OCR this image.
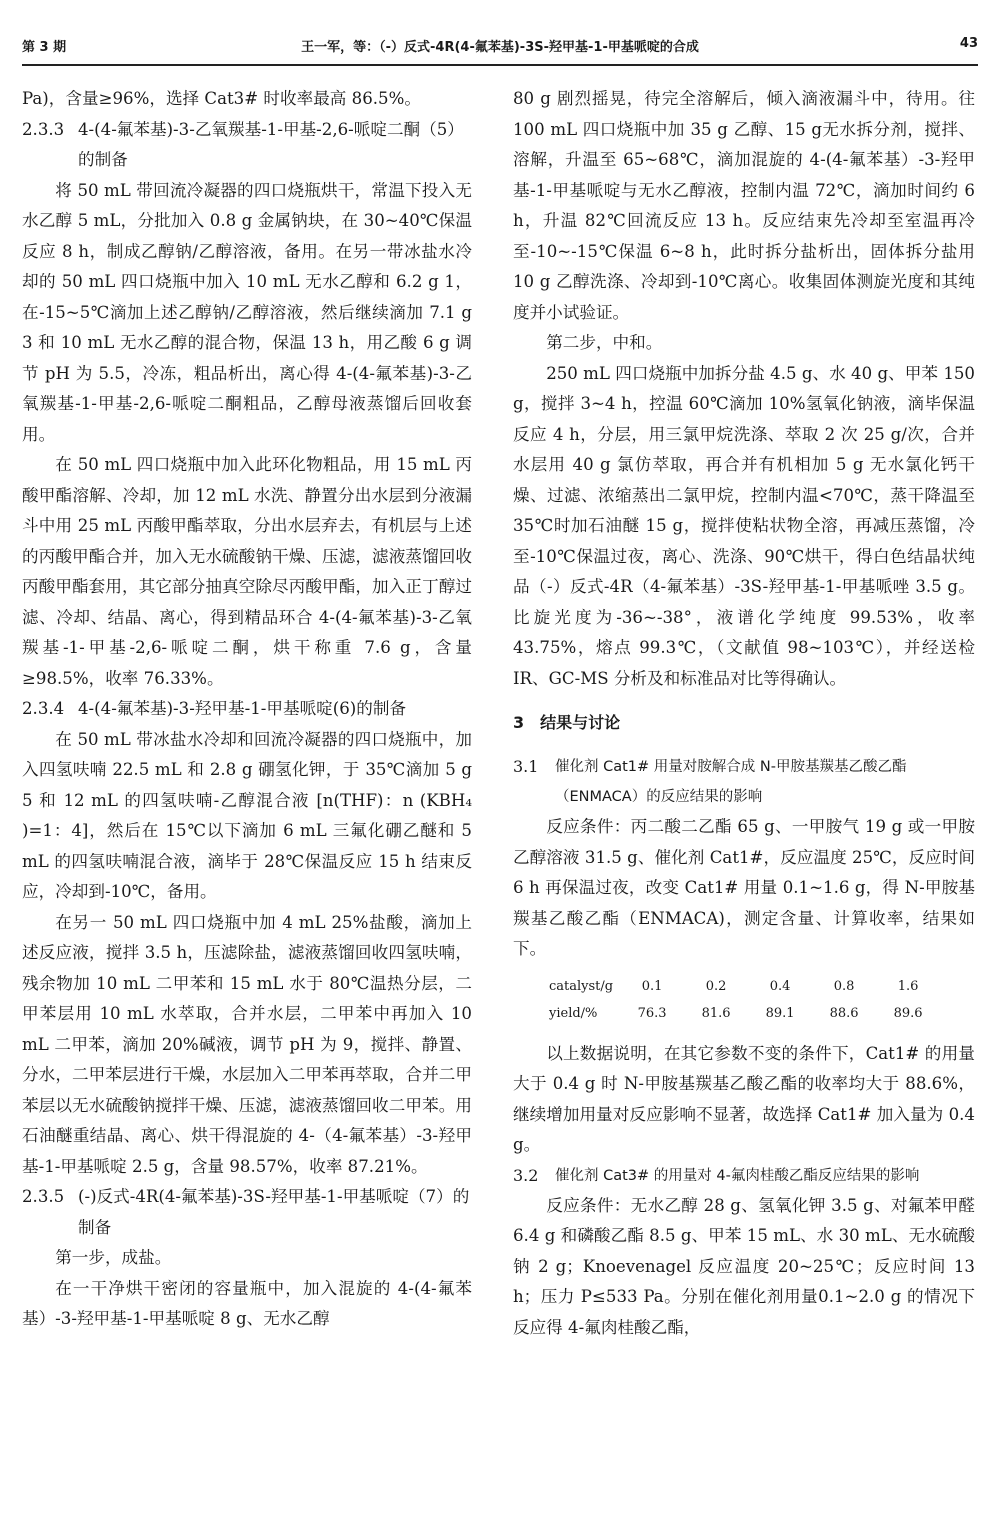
第 3 期	王一军，等：（-）反式-4R(4-氟苯基)-3S-羟甲基-1-甲基哌啶的合成	43

Pa)，含量≥96%，选择 Cat3# 时收率最高 86.5%。

2.3.3 4-(4-氟苯基)-3-乙氧羰基-1-甲基-2,6-哌啶二酮（5）的制备

将 50 mL 带回流冷凝器的四口烧瓶烘干，常温下投入无水乙醇 5 mL，分批加入 0.8 g 金属钠块，在 30~40℃保温反应 8 h，制成乙醇钠/乙醇溶液，备用。在另一带冰盐水冷却的 50 mL 四口烧瓶中加入 10 mL 无水乙醇和 6.2 g 1，在-15~5℃滴加上述乙醇钠/乙醇溶液，然后继续滴加 7.1 g 3 和 10 mL 无水乙醇的混合物，保温 13 h，用乙酸 6 g 调节 pH 为 5.5，冷冻，粗品析出，离心得 4-(4-氟苯基)-3-乙氧羰基-1-甲基-2,6-哌啶二酮粗品，乙醇母液蒸馏后回收套用。

在 50 mL 四口烧瓶中加入此环化物粗品，用 15 mL 丙酸甲酯溶解、冷却，加 12 mL 水洗、静置分出水层到分液漏斗中用 25 mL 丙酸甲酯萃取，分出水层弃去，有机层与上述的丙酸甲酯合并，加入无水硫酸钠干燥、压滤，滤液蒸馏回收丙酸甲酯套用，其它部分抽真空除尽丙酸甲酯，加入正丁醇过滤、冷却、结晶、离心，得到精品环合 4-(4-氟苯基)-3-乙氧羰基-1-甲基-2,6-哌啶二酮，烘干称重 7.6 g，含量≥98.5%，收率 76.33%。

2.3.4 4-(4-氟苯基)-3-羟甲基-1-甲基哌啶(6)的制备

在 50 mL 带冰盐水冷却和回流冷凝器的四口烧瓶中，加入四氢呋喃 22.5 mL 和 2.8 g 硼氢化钾，于 35℃滴加 5 g 5 和 12 mL 的四氢呋喃-乙醇混合液 [n(THF)：n (KBH₄ )=1：4]，然后在 15℃以下滴加 6 mL 三氟化硼乙醚和 5 mL 的四氢呋喃混合液，滴毕于 28℃保温反应 15 h 结束反应，冷却到-10℃，备用。

在另一 50 mL 四口烧瓶中加 4 mL 25%盐酸，滴加上述反应液，搅拌 3.5 h，压滤除盐，滤液蒸馏回收四氢呋喃，残余物加 10 mL 二甲苯和 15 mL 水于 80℃温热分层，二甲苯层用 10 mL 水萃取，合并水层，二甲苯中再加入 10 mL 二甲苯，滴加 20%碱液，调节 pH 为 9，搅拌、静置、分水，二甲苯层进行干燥，水层加入二甲苯再萃取，合并二甲苯层以无水硫酸钠搅拌干燥、压滤，滤液蒸馏回收二甲苯。用石油醚重结晶、离心、烘干得混旋的 4-（4-氟苯基）-3-羟甲基-1-甲基哌啶 2.5 g，含量 98.57%，收率 87.21%。

2.3.5 (-)反式-4R(4-氟苯基)-3S-羟甲基-1-甲基哌啶（7）的制备

第一步，成盐。

在一干净烘干密闭的容量瓶中，加入混旋的 4-(4-氟苯基）-3-羟甲基-1-甲基哌啶 8 g、无水乙醇

80 g 剧烈摇晃，待完全溶解后，倾入滴液漏斗中，待用。往 100 mL 四口烧瓶中加 35 g 乙醇、15 g无水拆分剂，搅拌、溶解，升温至 65~68℃，滴加混旋的 4-(4-氟苯基）-3-羟甲基-1-甲基哌啶与无水乙醇液，控制内温 72℃，滴加时间约 6 h，升温 82℃回流反应 13 h。反应结束先冷却至室温再冷至-10~-15℃保温 6~8 h，此时拆分盐析出，固体拆分盐用 10 g 乙醇洗涤、冷却到-10℃离心。收集固体测旋光度和其纯度并小试验证。

第二步，中和。

250 mL 四口烧瓶中加拆分盐 4.5 g、水 40 g、甲苯 150 g，搅拌 3~4 h，控温 60℃滴加 10%氢氧化钠液，滴毕保温反应 4 h，分层，用三氯甲烷洗涤、萃取 2 次 25 g/次，合并水层用 40 g 氯仿萃取，再合并有机相加 5 g 无水氯化钙干燥、过滤、浓缩蒸出二氯甲烷，控制内温<70℃，蒸干降温至 35℃时加石油醚 15 g，搅拌使粘状物全溶，再减压蒸馏，冷至-10℃保温过夜，离心、洗涤、90℃烘干，得白色结晶状纯品（-）反式-4R（4-氟苯基）-3S-羟甲基-1-甲基哌唑 3.5 g。比旋光度为-36~-38°，液谱化学纯度 99.53%，收率 43.75%，熔点 99.3℃，（文献值 98~103℃），并经送检 IR、GC-MS 分析及和标准品对比等得确认。

3　结果与讨论
3.1	催化剂 Cat1# 用量对胺解合成 N-甲胺基羰基乙酸乙酯（ENMACA）的反应结果的影响

反应条件：丙二酸二乙酯 65 g、一甲胺气 19 g 或一甲胺乙醇溶液 31.5 g、催化剂 Cat1#，反应温度 25℃，反应时间 6 h 再保温过夜，改变 Cat1# 用量 0.1~1.6 g，得 N-甲胺基羰基乙酸乙酯（ENMACA)，测定含量、计算收率，结果如下。

catalyst/g	0.1	0.2	0.4	0.8	1.6
yield/%	76.3	81.6	89.1	88.6	89.6

以上数据说明，在其它参数不变的条件下，Cat1# 的用量大于 0.4 g 时 N-甲胺基羰基乙酸乙酯的收率均大于 88.6%，继续增加用量对反应影响不显著，故选择 Cat1# 加入量为 0.4 g。

3.2	催化剂 Cat3# 的用量对 4-氟肉桂酸乙酯反应结果的影响

反应条件：无水乙醇 28 g、氢氧化钾 3.5 g、对氟苯甲醛 6.4 g 和磷酸乙酯 8.5 g、甲苯 15 mL、水 30 mL、无水硫酸钠 2 g；Knoevenagel 反应温度 20~25℃；反应时间 13 h；压力 P≤533 Pa。分别在催化剂用量0.1~2.0 g 的情况下反应得 4-氟肉桂酸乙酯，
